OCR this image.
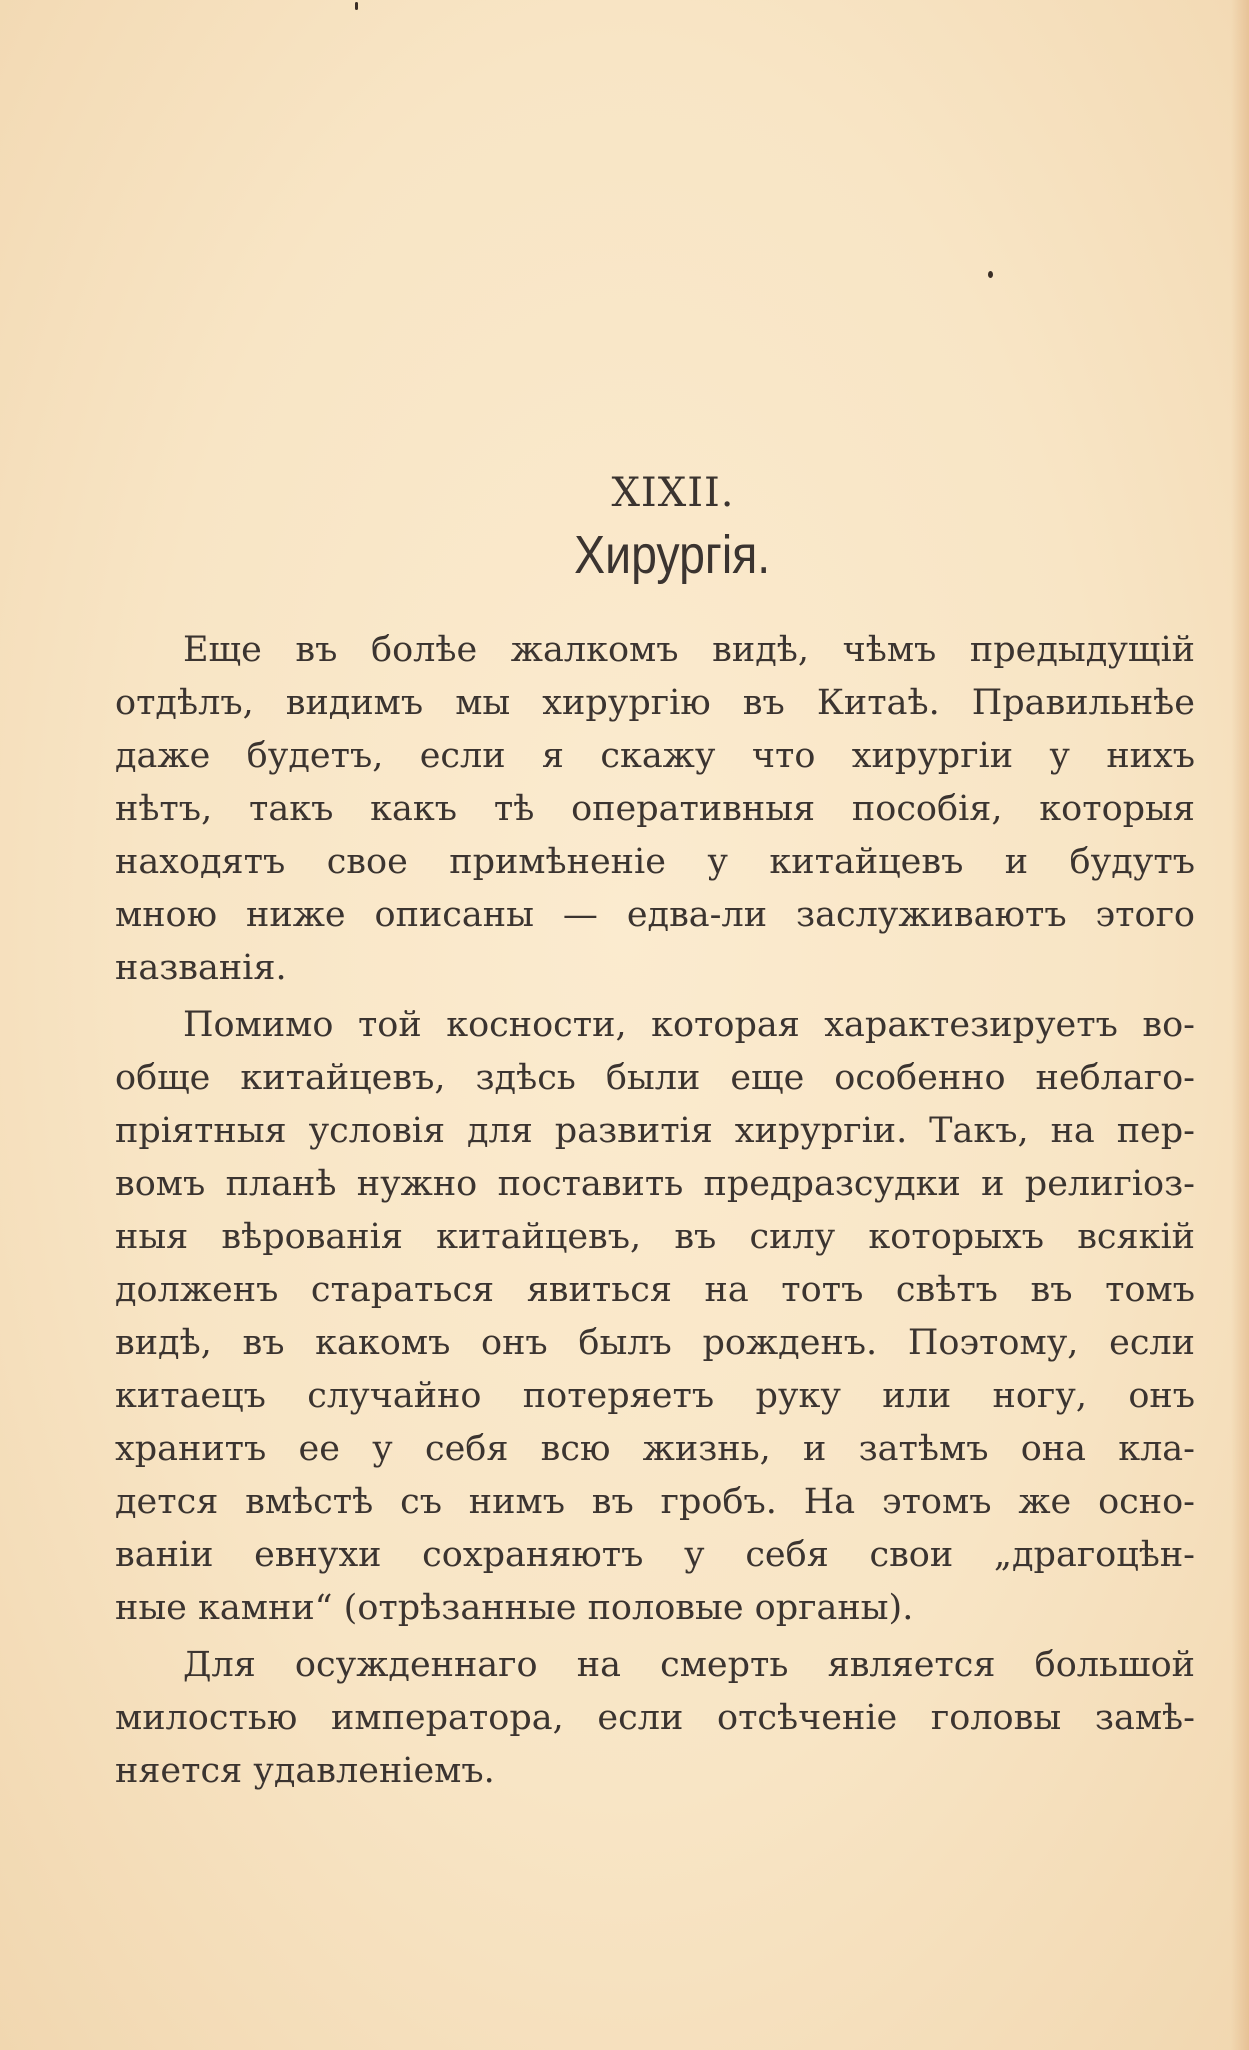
XIXII.
Хирургія.
Еще въ болѣе жалкомъ видѣ, чѣмъ предыдущій
отдѣлъ, видимъ мы хирургію въ Китаѣ. Правильнѣе
даже будетъ, если я скажу что хирургіи у нихъ
нѣтъ, такъ какъ тѣ оперативныя пособія, которыя
находятъ свое примѣненіе у китайцевъ и будутъ
мною ниже описаны — едва-ли заслуживаютъ этого
названія.
Помимо той косности, которая характезируетъ во-
обще китайцевъ, здѣсь были еще особенно неблаго-
пріятныя условія для развитія хирургіи. Такъ, на пер-
вомъ планѣ нужно поставить предразсудки и религіоз-
ныя вѣрованія китайцевъ, въ силу которыхъ всякій
долженъ стараться явиться на тотъ свѣтъ въ томъ
видѣ, въ какомъ онъ былъ рожденъ. Поэтому, если
китаецъ случайно потеряетъ руку или ногу, онъ
хранитъ ее у себя всю жизнь, и затѣмъ она кла-
дется вмѣстѣ съ нимъ въ гробъ. На этомъ же осно-
ваніи евнухи сохраняютъ у себя свои „драгоцѣн-
ные камни“ (отрѣзанные половые органы).
Для осужденнаго на смерть является большой
милостью императора, если отсѣченіе головы замѣ-
няется удавленіемъ.
